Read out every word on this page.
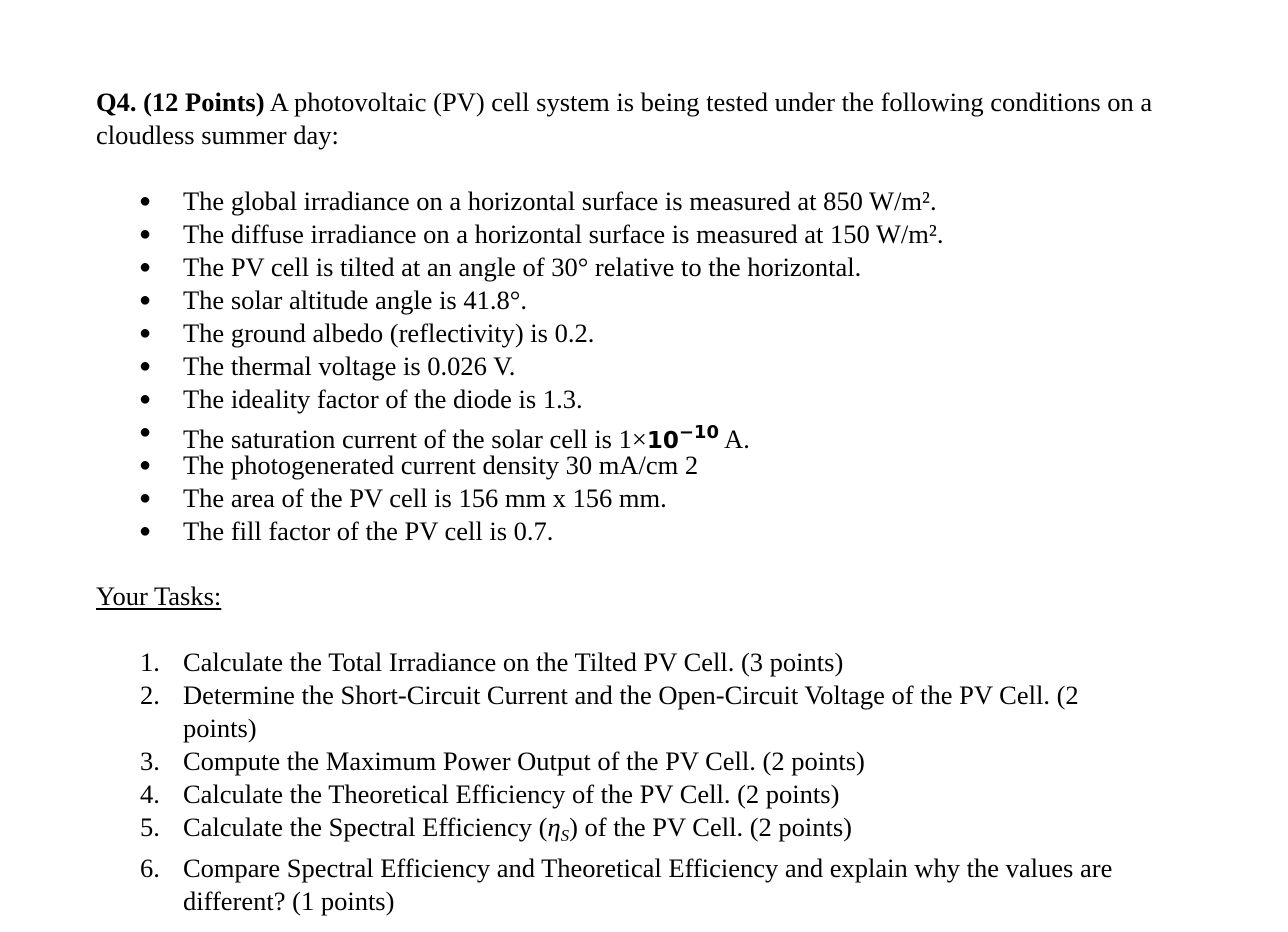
Q4. (12 Points) A photovoltaic (PV) cell system is being tested under the following conditions on a cloudless summer day:
● The global irradiance on a horizontal surface is measured at 850 W/m².
● The diffuse irradiance on a horizontal surface is measured at 150 W/m².
● The PV cell is tilted at an angle of 30° relative to the horizontal.
● The solar altitude angle is 41.8°.
● The ground albedo (reflectivity) is 0.2.
● The thermal voltage is 0.026 V.
● The ideality factor of the diode is 1.3.
● The saturation current of the solar cell is $1\times 10^{-10}$ A.
● The photogenerated current density 30 mA/cm 2
● The area of the PV cell is 156 mm x 156 mm.
● The fill factor of the PV cell is 0.7.
Your Tasks:
1. Calculate the Total Irradiance on the Tilted PV Cell. (3 points)
2. Determine the Short-Circuit Current and the Open-Circuit Voltage of the PV Cell. (2 points)
3. Compute the Maximum Power Output of the PV Cell. (2 points)
4. Calculate the Theoretical Efficiency of the PV Cell. (2 points)
5. Calculate the Spectral Efficiency (ηS) of the PV Cell. (2 points)
6. Compare Spectral Efficiency and Theoretical Efficiency and explain why the values are different? (1 points)
